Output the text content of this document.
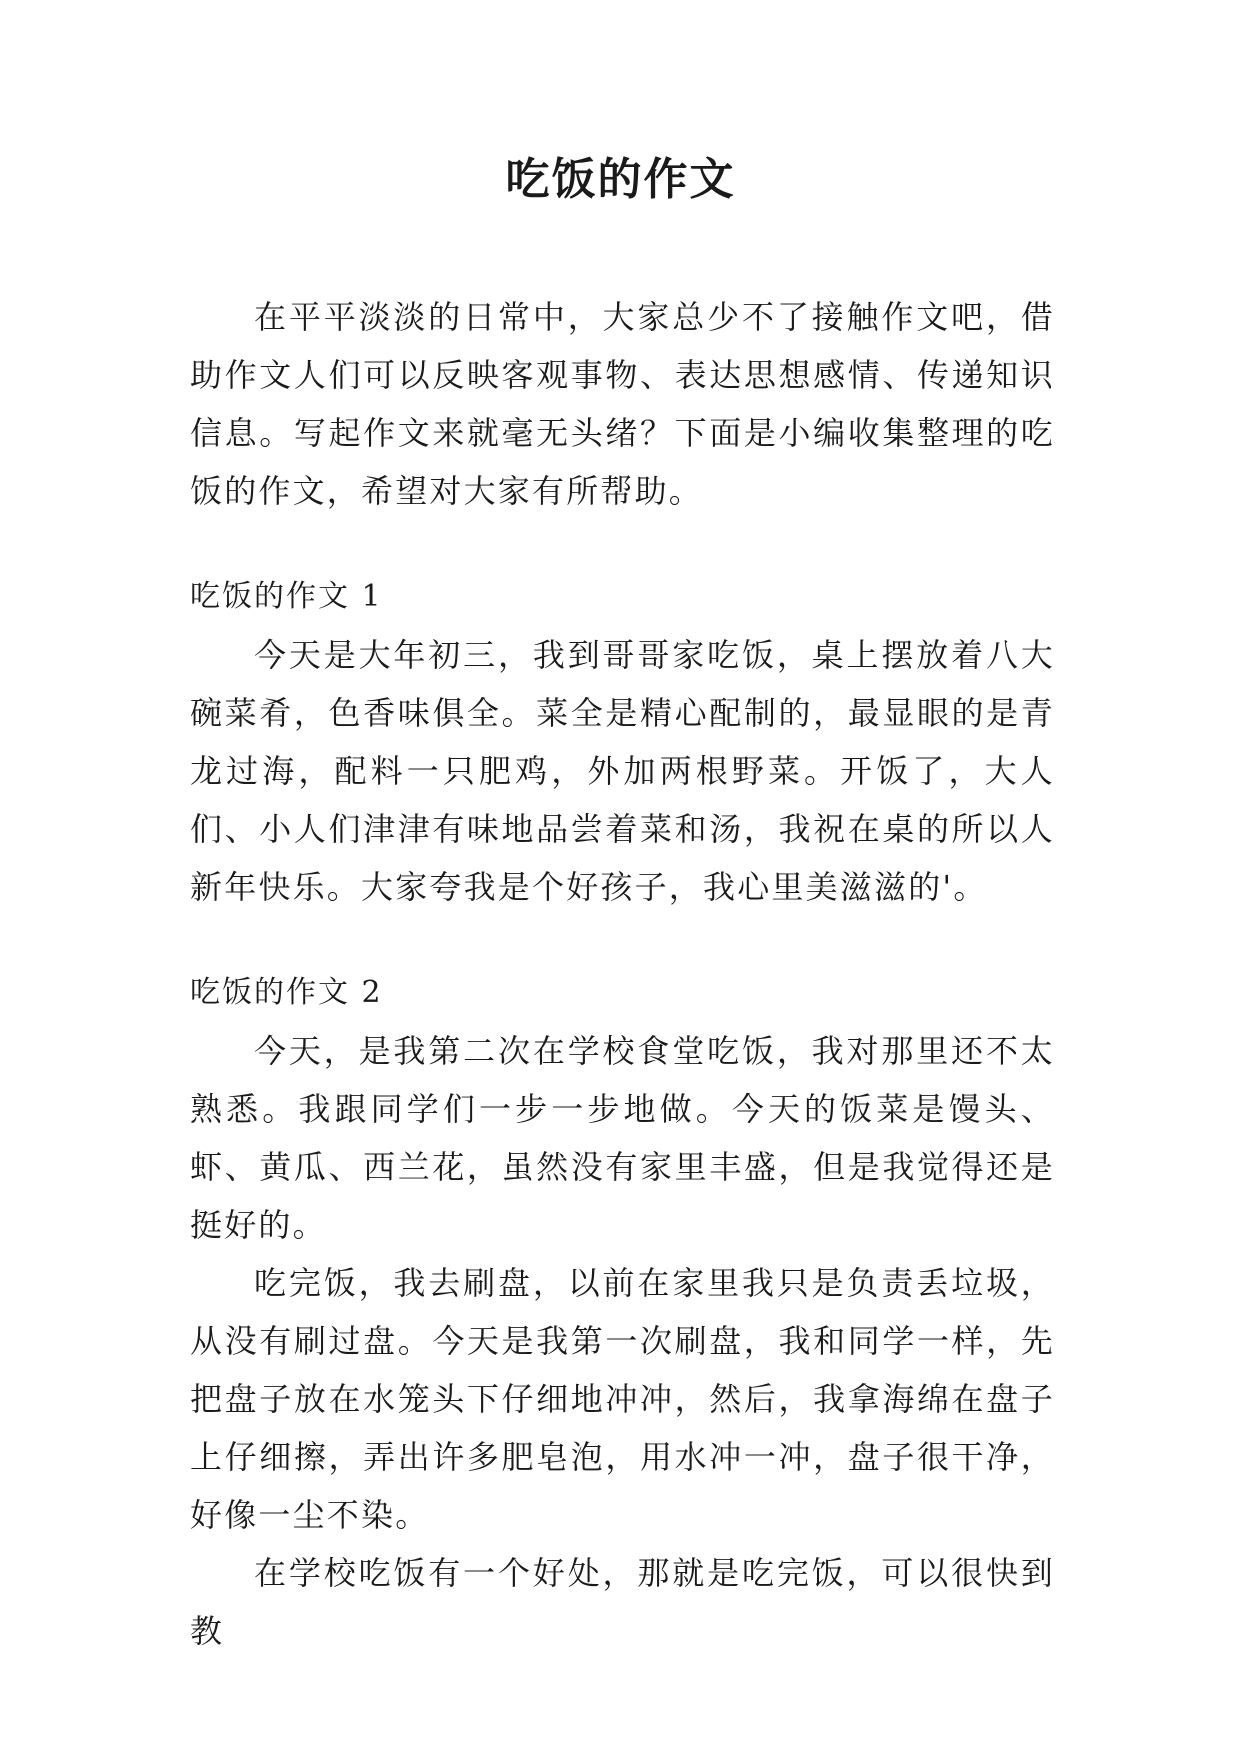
吃饭的作文

在平平淡淡的日常中，大家总少不了接触作文吧，借助作文人们可以反映客观事物、表达思想感情、传递知识信息。写起作文来就毫无头绪？下面是小编收集整理的吃饭的作文，希望对大家有所帮助。

吃饭的作文 1

今天是大年初三，我到哥哥家吃饭，桌上摆放着八大碗菜肴，色香味俱全。菜全是精心配制的，最显眼的是青龙过海，配料一只肥鸡，外加两根野菜。开饭了，大人们、小人们津津有味地品尝着菜和汤，我祝在桌的所以人新年快乐。大家夸我是个好孩子，我心里美滋滋的'。

吃饭的作文 2

今天，是我第二次在学校食堂吃饭，我对那里还不太熟悉。我跟同学们一步一步地做。今天的饭菜是馒头、虾、黄瓜、西兰花，虽然没有家里丰盛，但是我觉得还是挺好的。

吃完饭，我去刷盘，以前在家里我只是负责丢垃圾，从没有刷过盘。今天是我第一次刷盘，我和同学一样，先把盘子放在水笼头下仔细地冲冲，然后，我拿海绵在盘子上仔细擦，弄出许多肥皂泡，用水冲一冲，盘子很干净，好像一尘不染。

在学校吃饭有一个好处，那就是吃完饭，可以很快到教
